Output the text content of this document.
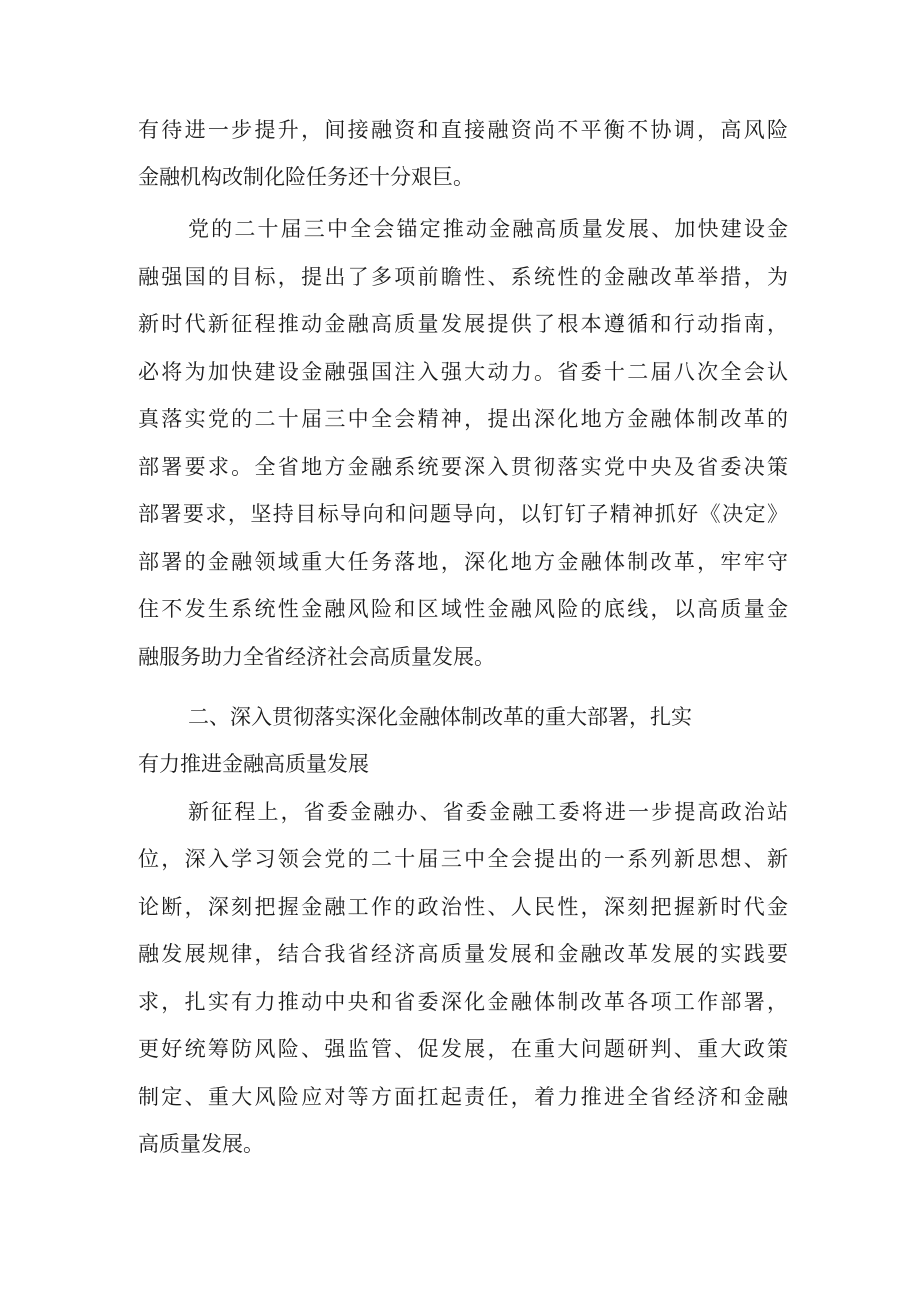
有待进一步提升，间接融资和直接融资尚不平衡不协调，高风险
金融机构改制化险任务还十分艰巨。
党的二十届三中全会锚定推动金融高质量发展、加快建设金
融强国的目标，提出了多项前瞻性、系统性的金融改革举措，为
新时代新征程推动金融高质量发展提供了根本遵循和行动指南，
必将为加快建设金融强国注入强大动力。省委十二届八次全会认
真落实党的二十届三中全会精神，提出深化地方金融体制改革的
部署要求。全省地方金融系统要深入贯彻落实党中央及省委决策
部署要求，坚持目标导向和问题导向，以钉钉子精神抓好《决定》
部署的金融领域重大任务落地，深化地方金融体制改革，牢牢守
住不发生系统性金融风险和区域性金融风险的底线，以高质量金
融服务助力全省经济社会高质量发展。
二、深入贯彻落实深化金融体制改革的重大部署，扎实
有力推进金融高质量发展
新征程上，省委金融办、省委金融工委将进一步提高政治站
位，深入学习领会党的二十届三中全会提出的一系列新思想、新
论断，深刻把握金融工作的政治性、人民性，深刻把握新时代金
融发展规律，结合我省经济高质量发展和金融改革发展的实践要
求，扎实有力推动中央和省委深化金融体制改革各项工作部署，
更好统筹防风险、强监管、促发展，在重大问题研判、重大政策
制定、重大风险应对等方面扛起责任，着力推进全省经济和金融
高质量发展。
